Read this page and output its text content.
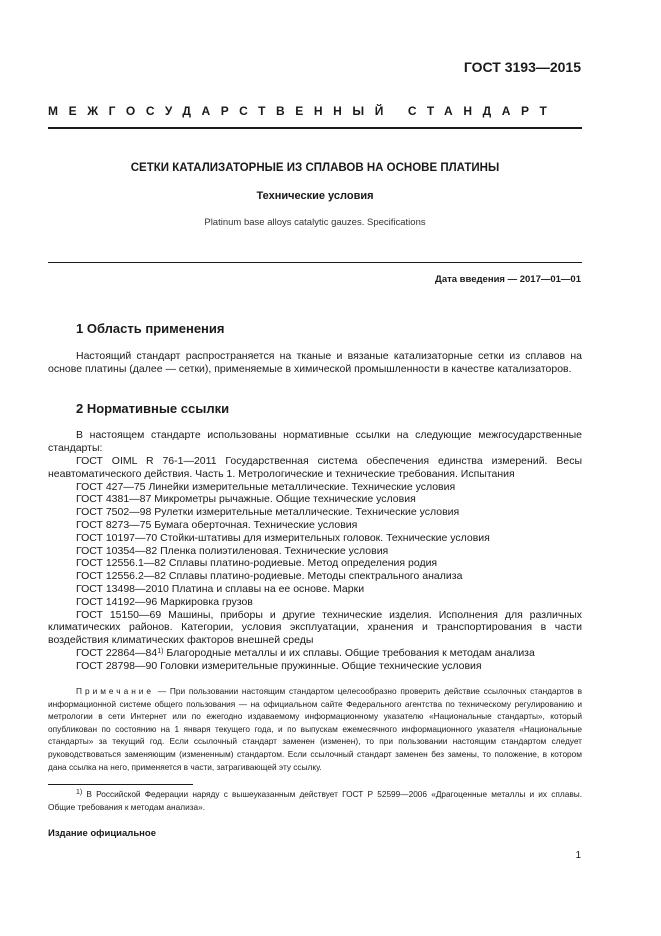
ГОСТ 3193—2015
МЕЖГОСУДАРСТВЕННЫЙ СТАНДАРТ
СЕТКИ КАТАЛИЗАТОРНЫЕ ИЗ СПЛАВОВ НА ОСНОВЕ ПЛАТИНЫ
Технические условия
Platinum base alloys catalytic gauzes. Specifications
Дата введения — 2017—01—01
1 Область применения

Настоящий стандарт распространяется на тканые и вязаные катализаторные сетки из сплавов на основе платины (далее — сетки), применяемые в химической промышленности в качестве катализаторов.

2 Нормативные ссылки

В настоящем стандарте использованы нормативные ссылки на следующие межгосударственные стандарты:

ГОСТ OIML R 76-1—2011 Государственная система обеспечения единства измерений. Весы неавтоматического действия. Часть 1. Метрологические и технические требования. Испытания

ГОСТ 427—75 Линейки измерительные металлические. Технические условия

ГОСТ 4381—87 Микрометры рычажные. Общие технические условия

ГОСТ 7502—98 Рулетки измерительные металлические. Технические условия

ГОСТ 8273—75 Бумага оберточная. Технические условия

ГОСТ 10197—70 Стойки-штативы для измерительных головок. Технические условия

ГОСТ 10354—82 Пленка полиэтиленовая. Технические условия

ГОСТ 12556.1—82 Сплавы платино-родиевые. Метод определения родия

ГОСТ 12556.2—82 Сплавы платино-родиевые. Методы спектрального анализа

ГОСТ 13498—2010 Платина и сплавы на ее основе. Марки

ГОСТ 14192—96 Маркировка грузов

ГОСТ 15150—69 Машины, приборы и другие технические изделия. Исполнения для различных климатических районов. Категории, условия эксплуатации, хранения и транспортирования в части воздействия климатических факторов внешней среды

ГОСТ 22864—84$^{1)}$ Благородные металлы и их сплавы. Общие требования к методам анализа

ГОСТ 28798—90 Головки измерительные пружинные. Общие технические условия

Примечание — При пользовании настоящим стандартом целесообразно проверить действие ссылочных стандартов в информационной системе общего пользования — на официальном сайте Федерального агентства по техническому регулированию и метрологии в сети Интернет или по ежегодно издаваемому информационному указателю «Национальные стандарты», который опубликован по состоянию на 1 января текущего года, и по выпускам ежемесячного информационного указателя «Национальные стандарты» за текущий год. Если ссылочный стандарт заменен (изменен), то при пользовании настоящим стандартом следует руководствоваться заменяющим (измененным) стандартом. Если ссылочный стандарт заменен без замены, то положение, в котором дана ссылка на него, применяется в части, затрагивающей эту ссылку.
$^{1)}$ В Российской Федерации наряду с вышеуказанным действует ГОСТ Р 52599—2006 «Драгоценные металлы и их сплавы. Общие требования к методам анализа».
Издание официальное
1
